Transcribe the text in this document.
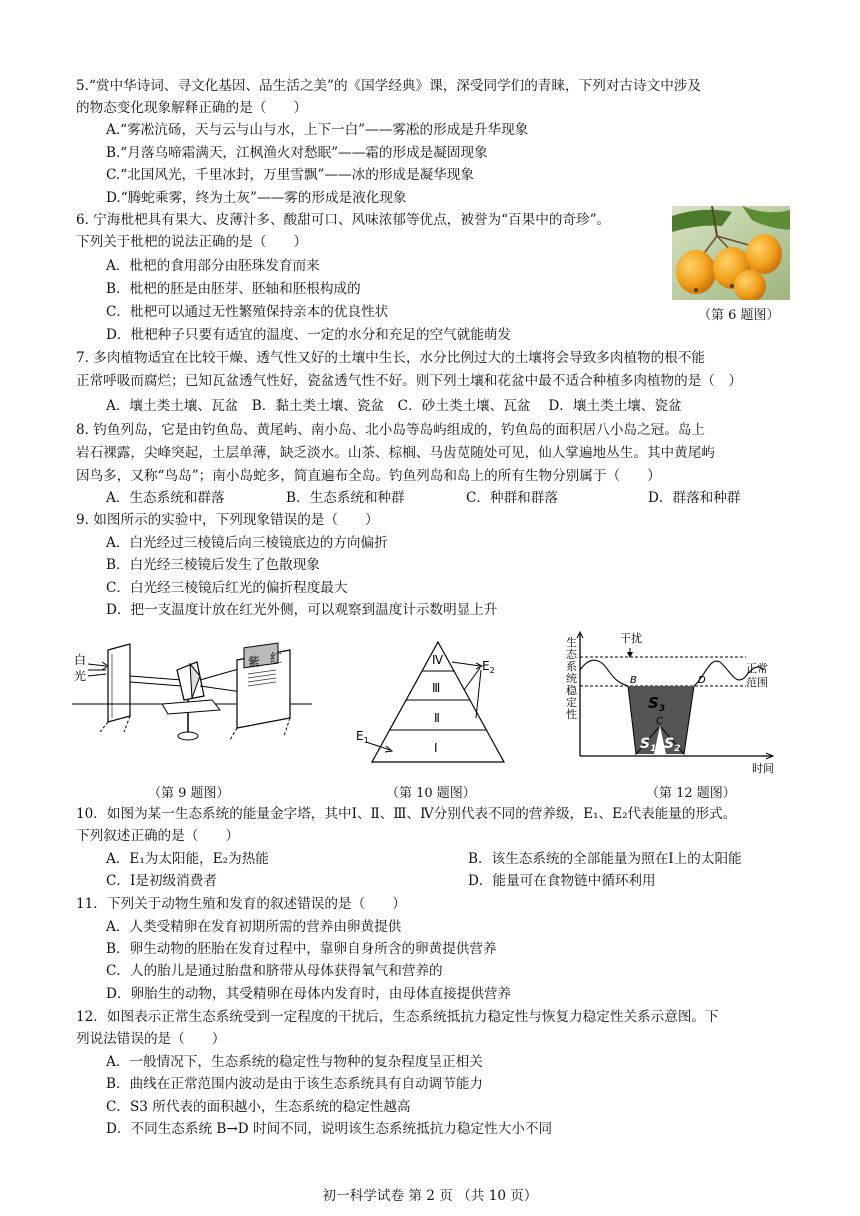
5.“赏中华诗词、寻文化基因、品生活之美”的《国学经典》课，深受同学们的青睐，下列对古诗文中涉及
的物态变化现象解释正确的是（　　）
A.“雾凇沆砀，天与云与山与水，上下一白”——雾凇的形成是升华现象
B.“月落乌啼霜满天，江枫渔火对愁眠”——霜的形成是凝固现象
C.“北国风光，千里冰封，万里雪飘”——冰的形成是凝华现象
D.“腾蛇乘雾，终为土灰”——雾的形成是液化现象
6. 宁海枇杷具有果大、皮薄汁多、酸甜可口、风味浓郁等优点，被誉为“百果中的奇珍”。
下列关于枇杷的说法正确的是（　　）
A．枇杷的食用部分由胚珠发育而来
B．枇杷的胚是由胚芽、胚轴和胚根构成的
C．枇杷可以通过无性繁殖保持亲本的优良性状
D．枇杷种子只要有适宜的温度、一定的水分和充足的空气就能萌发
（第 6 题图）
7. 多肉植物适宜在比较干燥、透气性又好的土壤中生长，水分比例过大的土壤将会导致多肉植物的根不能
正常呼吸而腐烂；已知瓦盆透气性好，瓷盆透气性不好。则下列土壤和花盆中最不适合种植多肉植物的是（　）
A．壤土类土壤、瓦盆　B．黏土类土壤、瓷盆　C．砂土类土壤、瓦盆　 D．壤土类土壤、瓷盆
8. 钓鱼列岛，它是由钓鱼岛、黄尾屿、南小岛、北小岛等岛屿组成的，钓鱼岛的面积居八小岛之冠。岛上
岩石裸露，尖峰突起，土层单薄，缺乏淡水。山茶、棕榈、马齿苋随处可见，仙人掌遍地丛生。其中黄尾屿
因鸟多，又称“鸟岛”；南小岛蛇多，简直遍布全岛。钓鱼列岛和岛上的所有生物分别属于（　　）
A．生态系统和群落	B．生态系统和种群	C．种群和群落	D．群落和种群
9. 如图所示的实验中，下列现象错误的是（　　）
A．白光经过三棱镜后向三棱镜底边的方向偏折
B．白光经三棱镜后发生了色散现象
C．白光经三棱镜后红光的偏折程度最大
D．把一支温度计放在红光外侧，可以观察到温度计示数明显上升
白
光
紫 红
（第 9 题图）
Ⅳ
Ⅲ
Ⅱ
Ⅰ
$E_1$
$E_2$
（第 10 题图）
生
态
系
统
稳
定
性
干扰
正常
范围
B	D
C
$S_3$
$S_1$ $S_2$
时间
（第 12 题图）
10．如图为某一生态系统的能量金字塔，其中Ⅰ、Ⅱ、Ⅲ、Ⅳ分别代表不同的营养级，E₁、E₂代表能量的形式。
下列叙述正确的是（　　）
A．E₁为太阳能，E₂为热能	B．该生态系统的全部能量为照在Ⅰ上的太阳能
C．Ⅰ是初级消费者	D．能量可在食物链中循环利用
11．下列关于动物生殖和发育的叙述错误的是（　　）
A．人类受精卵在发育初期所需的营养由卵黄提供
B．卵生动物的胚胎在发育过程中，靠卵自身所含的卵黄提供营养
C．人的胎儿是通过胎盘和脐带从母体获得氧气和营养的
D．卵胎生的动物，其受精卵在母体内发育时，由母体直接提供营养
12．如图表示正常生态系统受到一定程度的干扰后，生态系统抵抗力稳定性与恢复力稳定性关系示意图。下
列说法错误的是（　　）
A．一般情况下，生态系统的稳定性与物种的复杂程度呈正相关
B．曲线在正常范围内波动是由于该生态系统具有自动调节能力
C．S3 所代表的面积越小，生态系统的稳定性越高
D．不同生态系统 B→D 时间不同，说明该生态系统抵抗力稳定性大小不同
初一科学试卷 第 2 页 （共 10 页）
